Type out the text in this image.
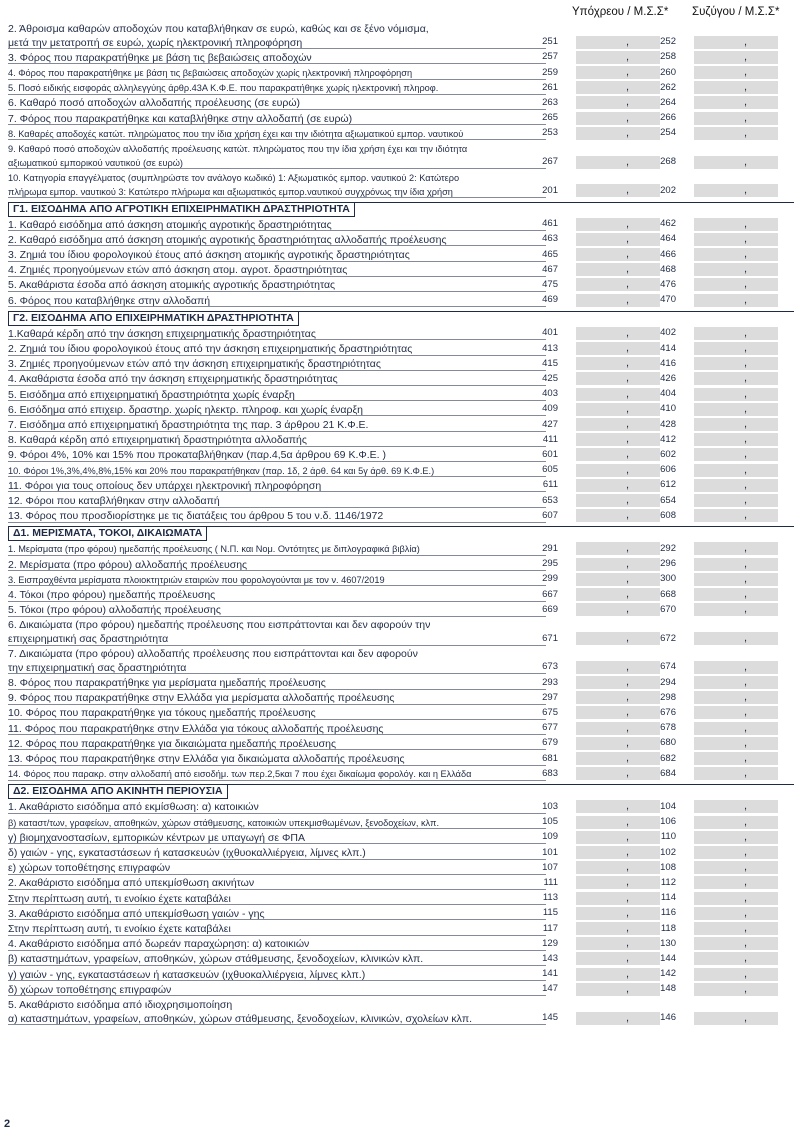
Υπόχρεου / Μ.Σ.Σ* Συζύγου / Μ.Σ.Σ*
2. Άθροισμα καθαρών αποδοχών που καταβλήθηκαν σε ευρώ, καθώς και σε ξένο νόμισμα,
μετά την μετατροπή σε ευρώ, χωρίς ηλεκτρονική πληροφόρηση	251	,	252	,
3. Φόρος που παρακρατήθηκε με βάση τις βεβαιώσεις αποδοχών	257	,	258	,
4. Φόρος που παρακρατήθηκε με βάση τις βεβαιώσεις αποδοχών χωρίς ηλεκτρονική πληροφόρηση	259	,	260	,
5. Ποσό ειδικής εισφοράς αλληλεγγύης άρθρ.43Α Κ.Φ.Ε. που παρακρατήθηκε χωρίς ηλεκτρονική πληροφ.	261	,	262	,
6. Καθαρό ποσό αποδοχών αλλοδαπής προέλευσης (σε ευρώ)	263	,	264	,
7. Φόρος που παρακρατήθηκε και καταβλήθηκε στην αλλοδαπή (σε ευρώ)	265	,	266	,
8. Καθαρές αποδοχές κατώτ. πληρώματος που την ίδια χρήση έχει και την ιδιότητα αξιωματικού εμπορ. ναυτικού	253	,	254	,
9. Καθαρό ποσό αποδοχών αλλοδαπής προέλευσης κατώτ. πληρώματος που την ίδια χρήση έχει και την ιδιότητα
αξιωματικού εμπορικού ναυτικού (σε ευρώ)	267	,	268	,
10. Κατηγορία επαγγέλματος (συμπληρώστε τον ανάλογο κωδικό) 1: Αξιωματικός εμπορ. ναυτικού 2: Κατώτερο
πλήρωμα εμπορ. ναυτικού 3: Κατώτερο πλήρωμα και αξιωματικός εμπορ.ναυτικού συγχρόνως την ίδια χρήση	201	,	202	,
Γ1. ΕΙΣΟΔΗΜΑ ΑΠΟ ΑΓΡΟΤΙΚΗ ΕΠΙΧΕΙΡΗΜΑΤΙΚΗ ΔΡΑΣΤΗΡΙΟΤΗΤΑ
1. Καθαρό εισόδημα από άσκηση ατομικής αγροτικής δραστηριότητας	461	,	462	,
2. Καθαρό εισόδημα από άσκηση ατομικής αγροτικής δραστηριότητας αλλοδαπής προέλευσης	463	,	464	,
3. Ζημιά του ίδιου φορολογικού έτους από άσκηση ατομικής αγροτικής δραστηριότητας	465	,	466	,
4. Ζημιές προηγούμενων ετών από άσκηση ατομ. αγροτ. δραστηριότητας	467	,	468	,
5. Ακαθάριστα έσοδα από άσκηση ατομικής αγροτικής δραστηριότητας	475	,	476	,
6. Φόρος που καταβλήθηκε στην αλλοδαπή	469	,	470	,
Γ2. ΕΙΣΟΔΗΜΑ ΑΠΟ ΕΠΙΧΕΙΡΗΜΑΤΙΚΗ ΔΡΑΣΤΗΡΙΟΤΗΤΑ
1.Καθαρά κέρδη από την άσκηση επιχειρηματικής δραστηριότητας	401	,	402	,
2. Ζημιά του ίδιου φορολογικού έτους από την άσκηση επιχειρηματικής δραστηριότητας	413	,	414	,
3. Ζημιές προηγούμενων ετών από την άσκηση επιχειρηματικής δραστηριότητας	415	,	416	,
4. Ακαθάριστα έσοδα από την άσκηση επιχειρηματικής δραστηριότητας	425	,	426	,
5. Εισόδημα από επιχειρηματική δραστηριότητα χωρίς έναρξη	403	,	404	,
6. Εισόδημα από επιχειρ. δραστηρ. χωρίς ηλεκτρ. πληροφ. και χωρίς έναρξη	409	,	410	,
7. Εισόδημα από επιχειρηματική δραστηριότητα της παρ. 3 άρθρου 21 Κ.Φ.Ε.	427	,	428	,
8. Καθαρά κέρδη από επιχειρηματική δραστηριότητα αλλοδαπής	411	,	412	,
9. Φόροι 4%, 10% και 15% που προκαταβλήθηκαν (παρ.4,5α άρθρου 69 Κ.Φ.Ε. )	601	,	602	,
10. Φόροι 1%,3%,4%,8%,15% και 20% που παρακρατήθηκαν (παρ. 1δ, 2 άρθ. 64 και 5γ άρθ. 69 Κ.Φ.Ε.)	605	,	606	,
11. Φόροι για τους οποίους δεν υπάρχει ηλεκτρονική πληροφόρηση	611	,	612	,
12. Φόροι που καταβλήθηκαν στην αλλοδαπή	653	,	654	,
13. Φόρος που προσδιορίστηκε με τις διατάξεις του άρθρου 5 του ν.δ. 1146/1972	607	,	608	,
Δ1. ΜΕΡΙΣΜΑΤΑ, ΤΟΚΟΙ, ΔΙΚΑΙΩΜΑΤΑ
1. Μερίσματα (προ φόρου) ημεδαπής προέλευσης ( Ν.Π. και Νομ. Οντότητες με διπλογραφικά βιβλία)	291	,	292	,
2. Μερίσματα (προ φόρου) αλλοδαπής προέλευσης	295	,	296	,
3. Εισπραχθέντα μερίσματα πλοιοκτητριών εταιριών που φορολογούνται με τον ν. 4607/2019	299	,	300	,
4. Τόκοι (προ φόρου) ημεδαπής προέλευσης	667	,	668	,
5. Τόκοι (προ φόρου) αλλοδαπής προέλευσης	669	,	670	,
6. Δικαιώματα (προ φόρου) ημεδαπής προέλευσης που εισπράττονται και δεν αφορούν την
επιχειρηματική σας δραστηριότητα	671	,	672	,
7. Δικαιώματα (προ φόρου) αλλοδαπής προέλευσης που εισπράττονται και δεν αφορούν
την επιχειρηματική σας δραστηριότητα	673	,	674	,
8. Φόρος που παρακρατήθηκε για μερίσματα ημεδαπής προέλευσης	293	,	294	,
9. Φόρος που παρακρατήθηκε στην Ελλάδα για μερίσματα αλλοδαπής προέλευσης	297	,	298	,
10. Φόρος που παρακρατήθηκε για τόκους ημεδαπής προέλευσης	675	,	676	,
11. Φόρος που παρακρατήθηκε στην Ελλάδα για τόκους αλλοδαπής προέλευσης	677	,	678	,
12. Φόρος που παρακρατήθηκε για δικαιώματα ημεδαπής προέλευσης	679	,	680	,
13. Φόρος που παρακρατήθηκε στην Ελλάδα για δικαιώματα αλλοδαπής προέλευσης	681	,	682	,
14. Φόρος που παρακρ. στην αλλοδαπή από εισοδήμ. των περ.2,5και 7 που έχει δικαίωμα φορολόγ. και η Ελλάδα	683	,	684	,
Δ2. ΕΙΣΟΔΗΜΑ ΑΠΟ ΑΚΙΝΗΤΗ ΠΕΡΙΟΥΣΙΑ
1. Ακαθάριστο εισόδημα από εκμίσθωση: α) κατοικιών	103	,	104	,
β) καταστ/των, γραφείων, αποθηκών, χώρων στάθμευσης, κατοικιών υπεκμισθωμένων, ξενοδοχείων, κλπ.	105	,	106	,
γ) βιομηχανοστασίων, εμπορικών κέντρων με υπαγωγή σε ΦΠΑ	109	,	110	,
δ) γαιών - γης, εγκαταστάσεων ή κατασκευών (ιχθυοκαλλιέργεια, λίμνες κλπ.)	101	,	102	,
ε) χώρων τοποθέτησης επιγραφών	107	,	108	,
2. Ακαθάριστο εισόδημα από υπεκμίσθωση ακινήτων	111	,	112	,
Στην περίπτωση αυτή, τι ενοίκιο έχετε καταβάλει	113	,	114	,
3. Ακαθάριστο εισόδημα από υπεκμίσθωση γαιών - γης	115	,	116	,
Στην περίπτωση αυτή, τι ενοίκιο έχετε καταβάλει	117	,	118	,
4. Ακαθάριστο εισόδημα από δωρεάν παραχώρηση: α) κατοικιών	129	,	130	,
β) καταστημάτων, γραφείων, αποθηκών, χώρων στάθμευσης, ξενοδοχείων, κλινικών κλπ.	143	,	144	,
γ) γαιών - γης, εγκαταστάσεων ή κατασκευών (ιχθυοκαλλιέργεια, λίμνες κλπ.)	141	,	142	,
δ) χώρων τοποθέτησης επιγραφών	147	,	148	,
5. Ακαθάριστο εισόδημα από ιδιοχρησιμοποίηση
α) καταστημάτων, γραφείων, αποθηκών, χώρων στάθμευσης, ξενοδοχείων, κλινικών, σχολείων κλπ.	145	,	146	,
2
